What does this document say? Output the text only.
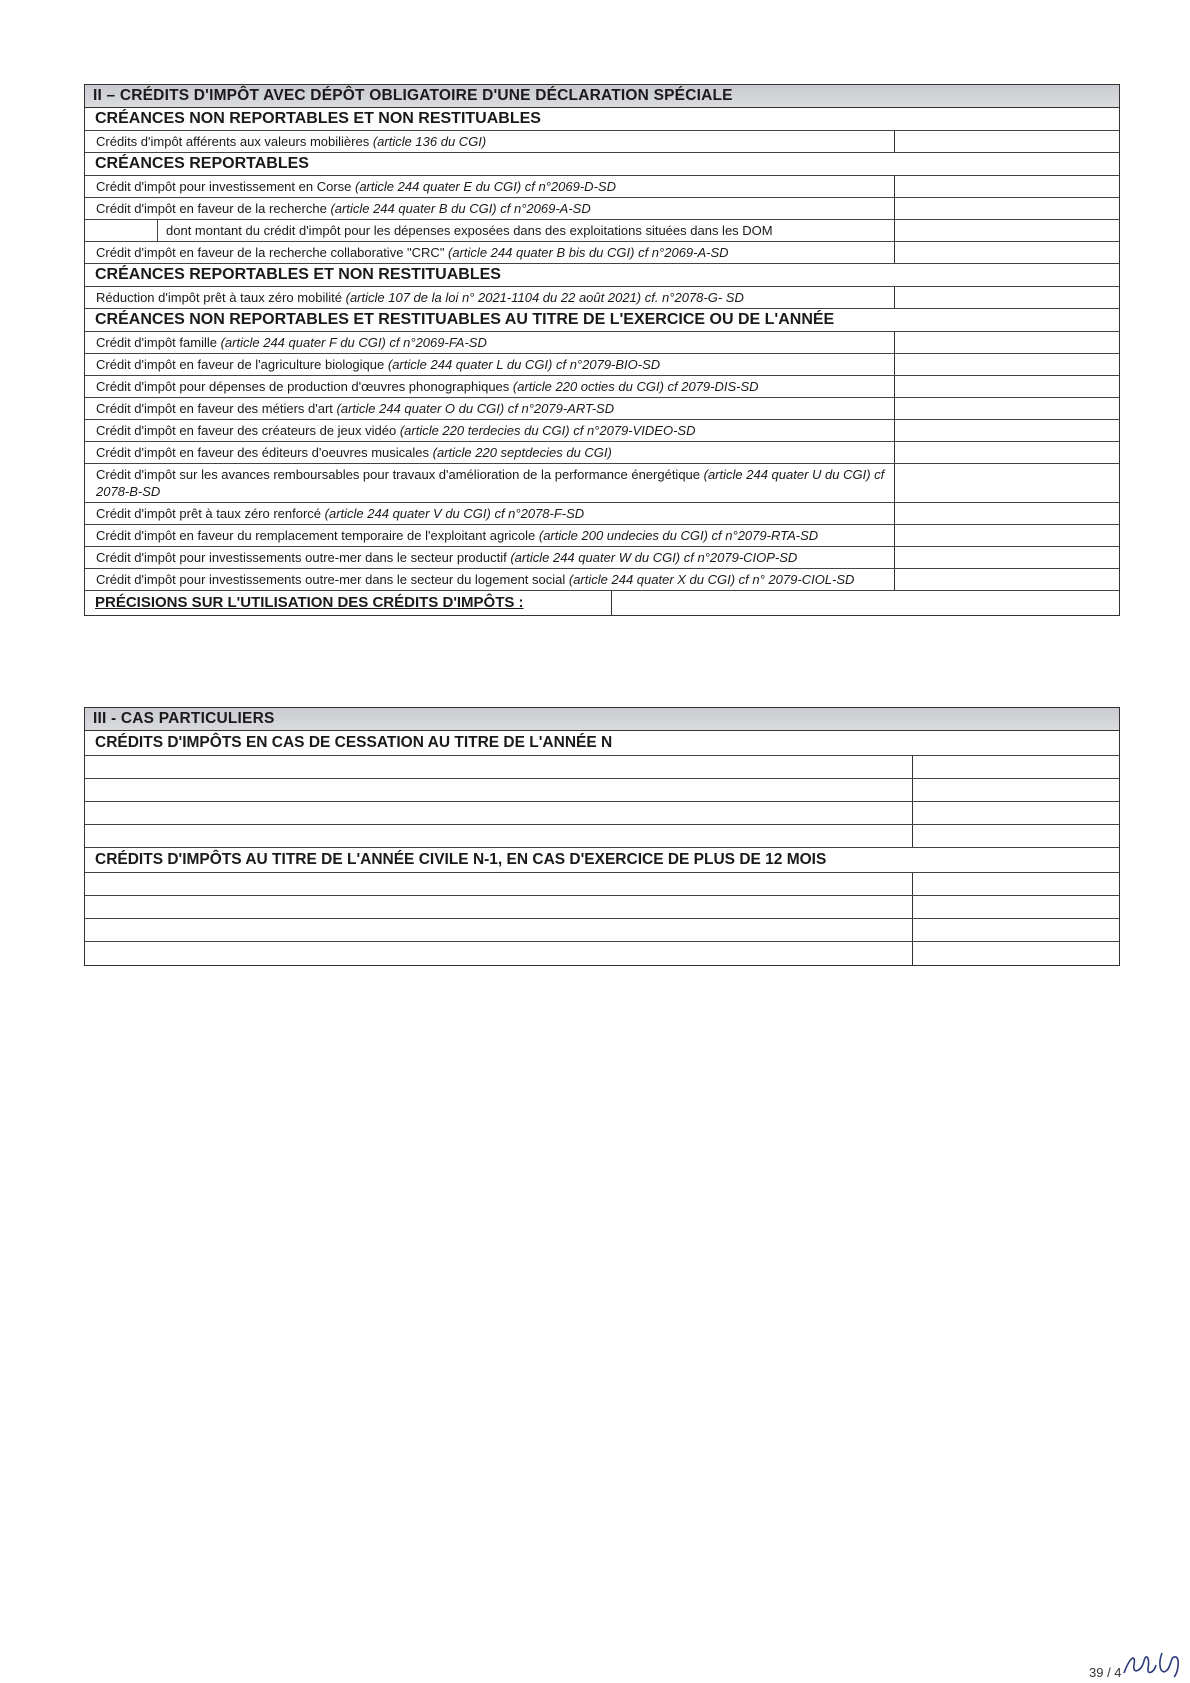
II – CRÉDITS D'IMPÔT AVEC DÉPÔT OBLIGATOIRE D'UNE DÉCLARATION SPÉCIALE
CRÉANCES NON REPORTABLES ET NON RESTITUABLES
Crédits d'impôt afférents aux valeurs mobilières (article 136 du CGI)
CRÉANCES REPORTABLES
Crédit d'impôt pour investissement en Corse (article 244 quater E du CGI) cf n°2069-D-SD
Crédit d'impôt en faveur de la recherche (article 244 quater B du CGI) cf n°2069-A-SD
dont montant du crédit d'impôt pour les dépenses exposées dans des exploitations situées dans les DOM
Crédit d'impôt en faveur de la recherche collaborative "CRC" (article 244 quater B bis du CGI) cf n°2069-A-SD
CRÉANCES REPORTABLES ET NON RESTITUABLES
Réduction d'impôt prêt à taux zéro mobilité (article 107 de la loi n° 2021-1104 du 22 août 2021) cf. n°2078-G- SD
CRÉANCES NON REPORTABLES ET RESTITUABLES AU TITRE DE L'EXERCICE OU DE L'ANNÉE
Crédit d'impôt famille (article 244 quater F du CGI) cf n°2069-FA-SD
Crédit d'impôt en faveur de l'agriculture biologique (article 244 quater L du CGI) cf n°2079-BIO-SD
Crédit d'impôt pour dépenses de production d'œuvres phonographiques (article 220 octies du CGI) cf 2079-DIS-SD
Crédit d'impôt en faveur des métiers d'art (article 244 quater O du CGI) cf n°2079-ART-SD
Crédit d'impôt en faveur des créateurs de jeux vidéo (article 220 terdecies du CGI) cf n°2079-VIDEO-SD
Crédit d'impôt en faveur des éditeurs d'oeuvres musicales (article 220 septdecies du CGI)
Crédit d'impôt sur les avances remboursables pour travaux d'amélioration de la performance énergétique (article 244 quater U du CGI) cf 2078-B-SD
Crédit d'impôt prêt à taux zéro renforcé (article 244 quater V du CGI) cf n°2078-F-SD
Crédit d'impôt en faveur du remplacement temporaire de l'exploitant agricole (article 200 undecies du CGI) cf n°2079-RTA-SD
Crédit d'impôt pour investissements outre-mer dans le secteur productif (article 244 quater W du CGI) cf n°2079-CIOP-SD
Crédit d'impôt pour investissements outre-mer dans le secteur du logement social (article 244 quater X du CGI) cf n° 2079-CIOL-SD
PRÉCISIONS SUR L'UTILISATION DES CRÉDITS D'IMPÔTS :
III - CAS PARTICULIERS
CRÉDITS D'IMPÔTS EN CAS DE CESSATION AU TITRE DE L'ANNÉE N
CRÉDITS D'IMPÔTS AU TITRE DE L'ANNÉE CIVILE N-1, EN CAS D'EXERCICE DE PLUS DE 12 MOIS
39 / 4
